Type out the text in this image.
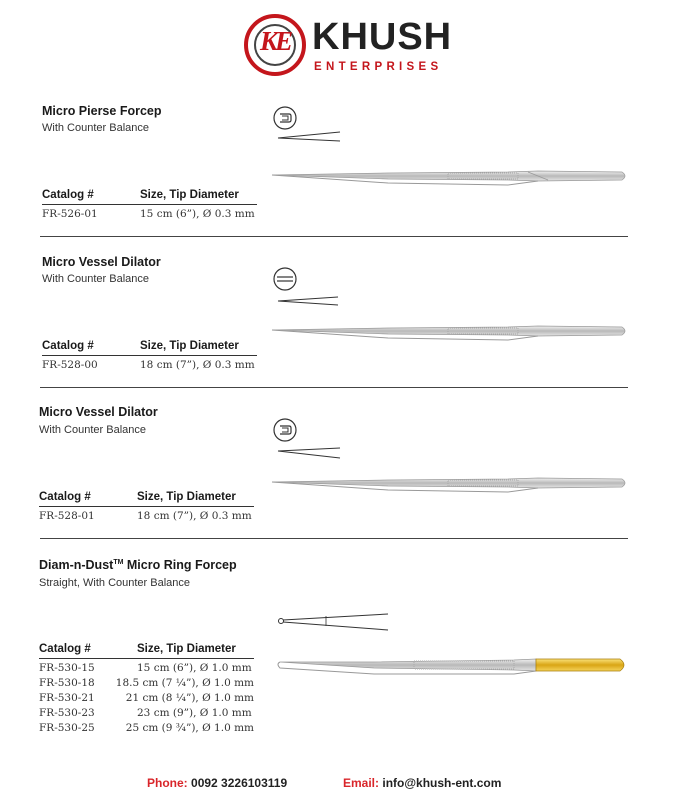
KE KHUSH
ENTERPRISES
Micro Pierse Forcep
With Counter Balance
Catalog #	Size, Tip Diameter
FR-526-01	15 cm (6”), Ø 0.3 mm
Micro Vessel Dilator
With Counter Balance
Catalog #	Size, Tip Diameter
FR-528-00	18 cm (7”), Ø 0.3 mm
Micro Vessel Dilator
With Counter Balance
Catalog #	Size, Tip Diameter
FR-528-01	18 cm (7”), Ø 0.3 mm
Diam-n-Dust™ Micro Ring Forcep
Straight, With Counter Balance
Catalog #	Size, Tip Diameter
FR-530-15	15 cm (6”), Ø 1.0 mm
FR-530-18	18.5 cm (7 ¼”), Ø 1.0 mm
FR-530-21	21 cm (8 ¼”), Ø 1.0 mm
FR-530-23	23 cm (9”), Ø 1.0 mm
FR-530-25	25 cm (9 ¾”), Ø 1.0 mm
Phone: 0092 3226103119	Email: info@khush-ent.com
